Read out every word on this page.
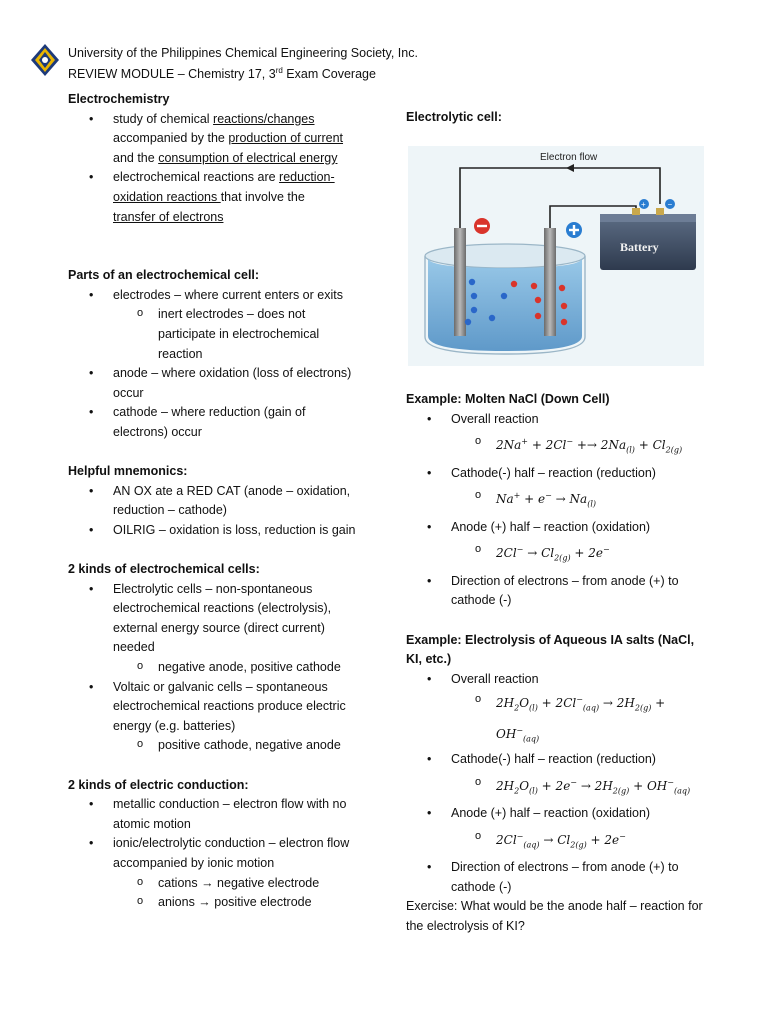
University of the Philippines Chemical Engineering Society, Inc.
REVIEW MODULE – Chemistry 17, 3rd Exam Coverage
Electrochemistry
• study of chemical reactions/changes
accompanied by the production of current
and the consumption of electrical energy
• electrochemical reactions are reduction-oxidation reactions that involve the
transfer of electrons
Parts of an electrochemical cell:
• electrodes – where current enters or exits
o inert electrodes – does not participate in electrochemical reaction
• anode – where oxidation (loss of electrons) occur
• cathode – where reduction (gain of electrons) occur
Helpful mnemonics:
• AN OX ate a RED CAT (anode – oxidation, reduction – cathode)
• OILRIG – oxidation is loss, reduction is gain
2 kinds of electrochemical cells:
• Electrolytic cells – non-spontaneous electrochemical reactions (electrolysis), external energy source (direct current) needed
o negative anode, positive cathode
• Voltaic or galvanic cells – spontaneous electrochemical reactions produce electric energy (e.g. batteries)
o positive cathode, negative anode
2 kinds of electric conduction:
• metallic conduction – electron flow with no atomic motion
• ionic/electrolytic conduction – electron flow accompanied by ionic motion
o cations → negative electrode
o anions → positive electrode
Electrolytic cell:
Electron flow
+	−
Battery
Example: Molten NaCl (Down Cell)
• Overall reaction
o $2Na^+ + 2Cl^- +\to 2Na_{(l)} + Cl_{2(g)}$
• Cathode(-) half – reaction (reduction)
o $Na^+ + e^- \to Na_{(l)}$
• Anode (+) half – reaction (oxidation)
o $2Cl^- \to Cl_{2(g)} + 2e^-$
• Direction of electrons – from anode (+) to cathode (-)
Example: Electrolysis of Aqueous IA salts (NaCl, KI, etc.)
• Overall reaction
o $2H_2O_{(l)} + 2Cl^-_{(aq)} \to 2H_{2(g)} + OH^-_{(aq)}$
• Cathode(-) half – reaction (reduction)
o $2H_2O_{(l)} + 2e^- \to 2H_{2(g)} + OH^-_{(aq)}$
• Anode (+) half – reaction (oxidation)
o $2Cl^-_{(aq)} \to Cl_{2(g)} + 2e^-$
• Direction of electrons – from anode (+) to cathode (-)
Exercise: What would be the anode half – reaction for the electrolysis of KI?
